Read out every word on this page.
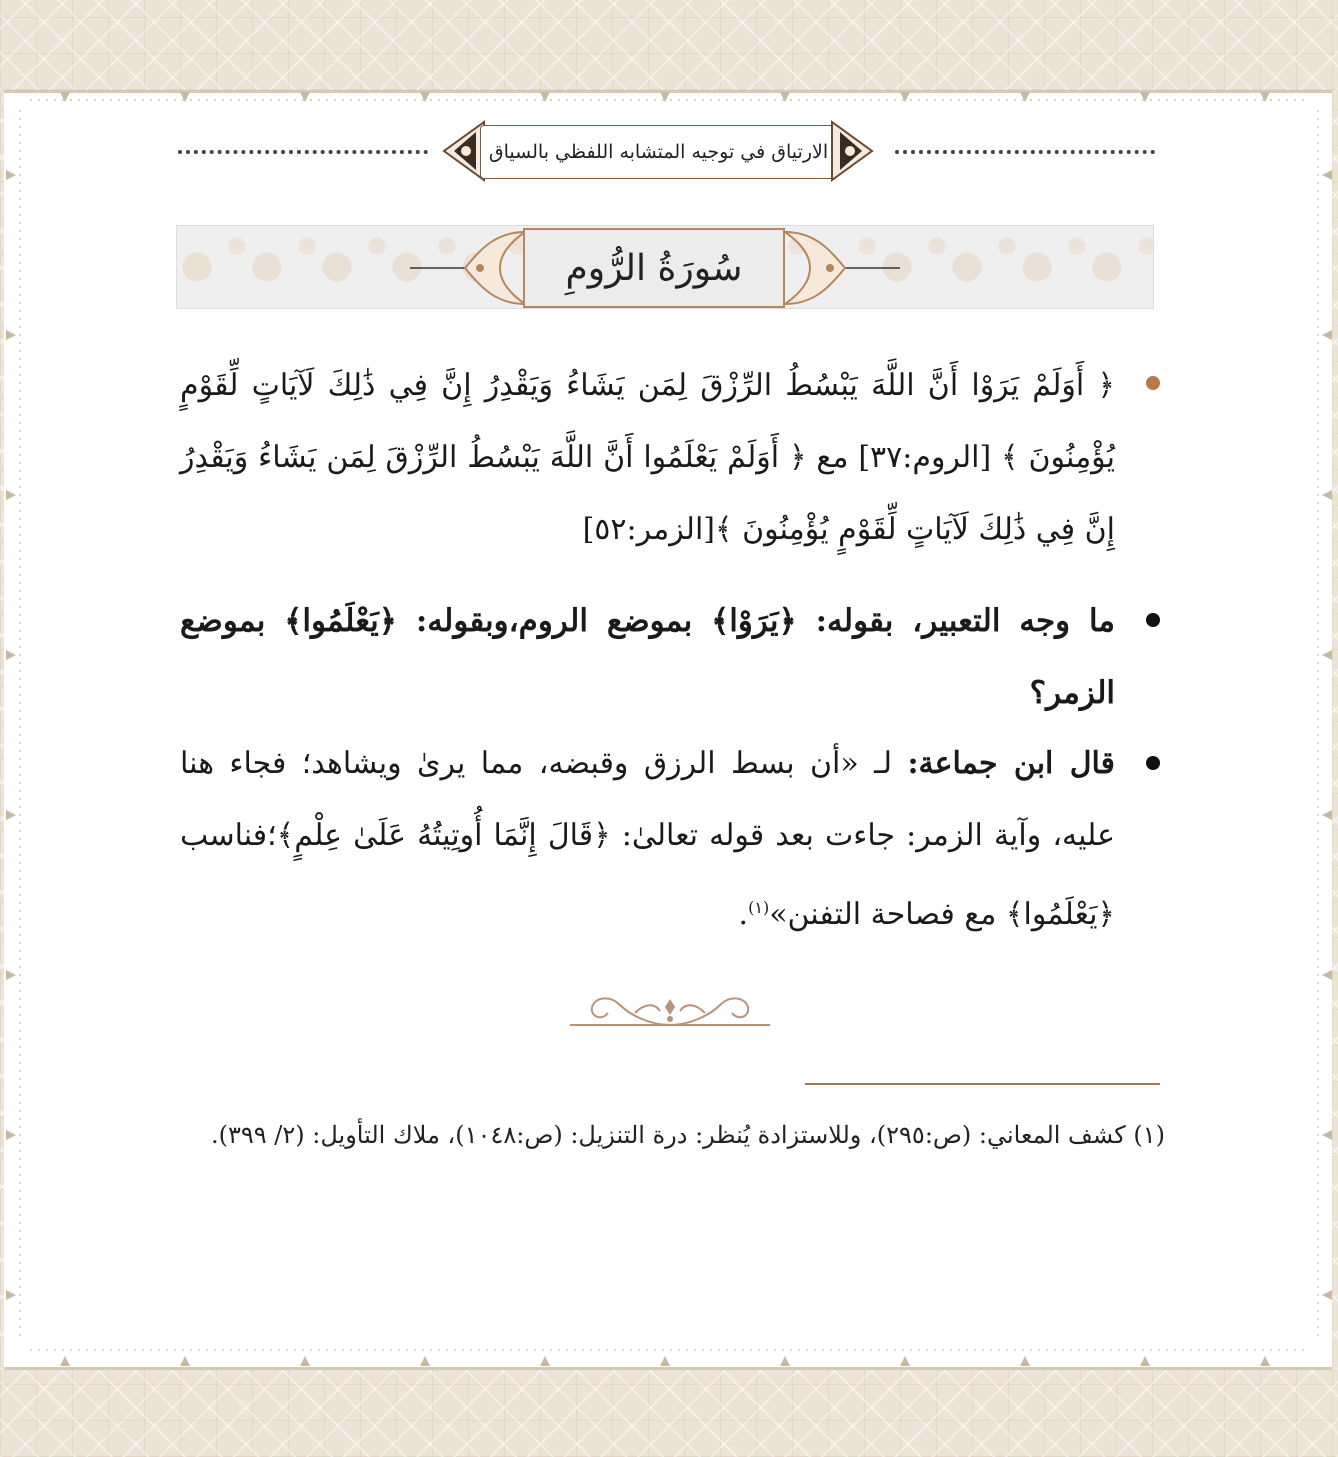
الارتياق في توجيه المتشابه اللفظي بالسياق
سُورَةُ الرُّومِ
﴿ أَوَلَمْ يَرَوْا أَنَّ اللَّهَ يَبْسُطُ الرِّزْقَ لِمَن يَشَاءُ وَيَقْدِرُ إِنَّ فِي ذَٰلِكَ لَآيَاتٍ لِّقَوْمٍ يُؤْمِنُونَ ﴾ [الروم:٣٧] مع ﴿ أَوَلَمْ يَعْلَمُوا أَنَّ اللَّهَ يَبْسُطُ الرِّزْقَ لِمَن يَشَاءُ وَيَقْدِرُ إِنَّ فِي ذَٰلِكَ لَآيَاتٍ لِّقَوْمٍ يُؤْمِنُونَ ﴾[الزمر:٥٢]
ما وجه التعبير، بقوله: ﴿يَرَوْا﴾ بموضع الروم،وبقوله: ﴿يَعْلَمُوا﴾ بموضع الزمر؟
قال ابن جماعة: لـ «أن بسط الرزق وقبضه، مما يرىٰ ويشاهد؛ فجاء هنا عليه، وآية الزمر: جاءت بعد قوله تعالىٰ: ﴿قَالَ إِنَّمَا أُوتِيتُهُ عَلَىٰ عِلْمٍ﴾؛فناسب ﴿يَعْلَمُوا﴾ مع فصاحة التفنن»$^{(١)}$.
(١) كشف المعاني: (ص:٢٩٥)، وللاستزادة يُنظر: درة التنزيل: (ص:١٠٤٨)، ملاك التأويل: (٢/ ٣٩٩).
